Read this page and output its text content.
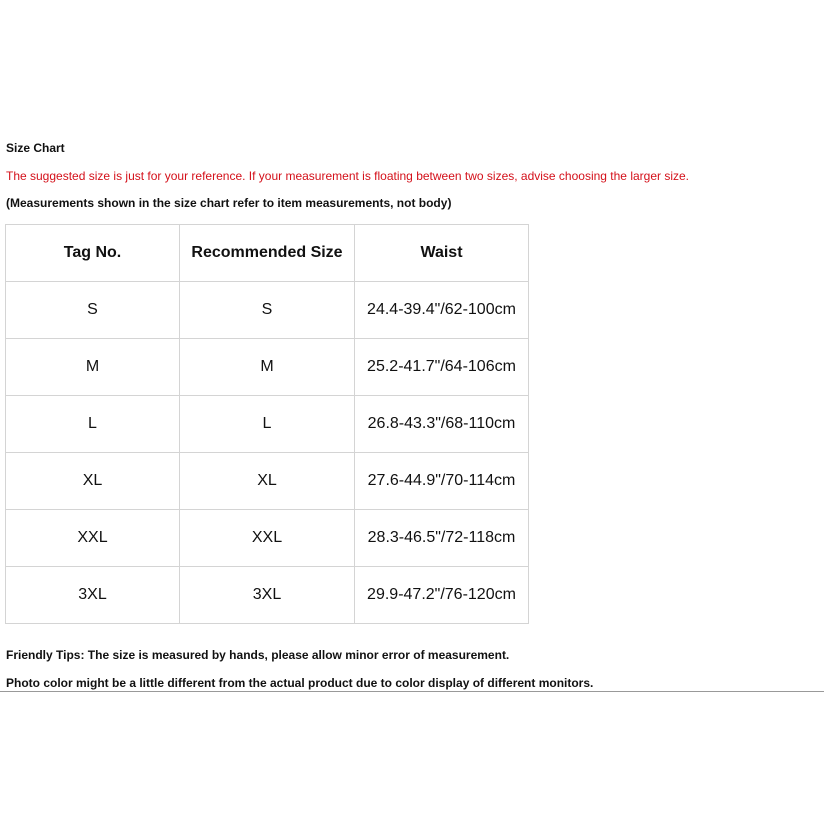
Size Chart
The suggested size is just for your reference. If your measurement is floating between two sizes, advise choosing the larger size.
(Measurements shown in the size chart refer to item measurements, not body)
Tag No.	Recommended Size	Waist
S	S	24.4-39.4"/62-100cm
M	M	25.2-41.7"/64-106cm
L	L	26.8-43.3"/68-110cm
XL	XL	27.6-44.9"/70-114cm
XXL	XXL	28.3-46.5"/72-118cm
3XL	3XL	29.9-47.2"/76-120cm
Friendly Tips: The size is measured by hands, please allow minor error of measurement.
Photo color might be a little different from the actual product due to color display of different monitors.
